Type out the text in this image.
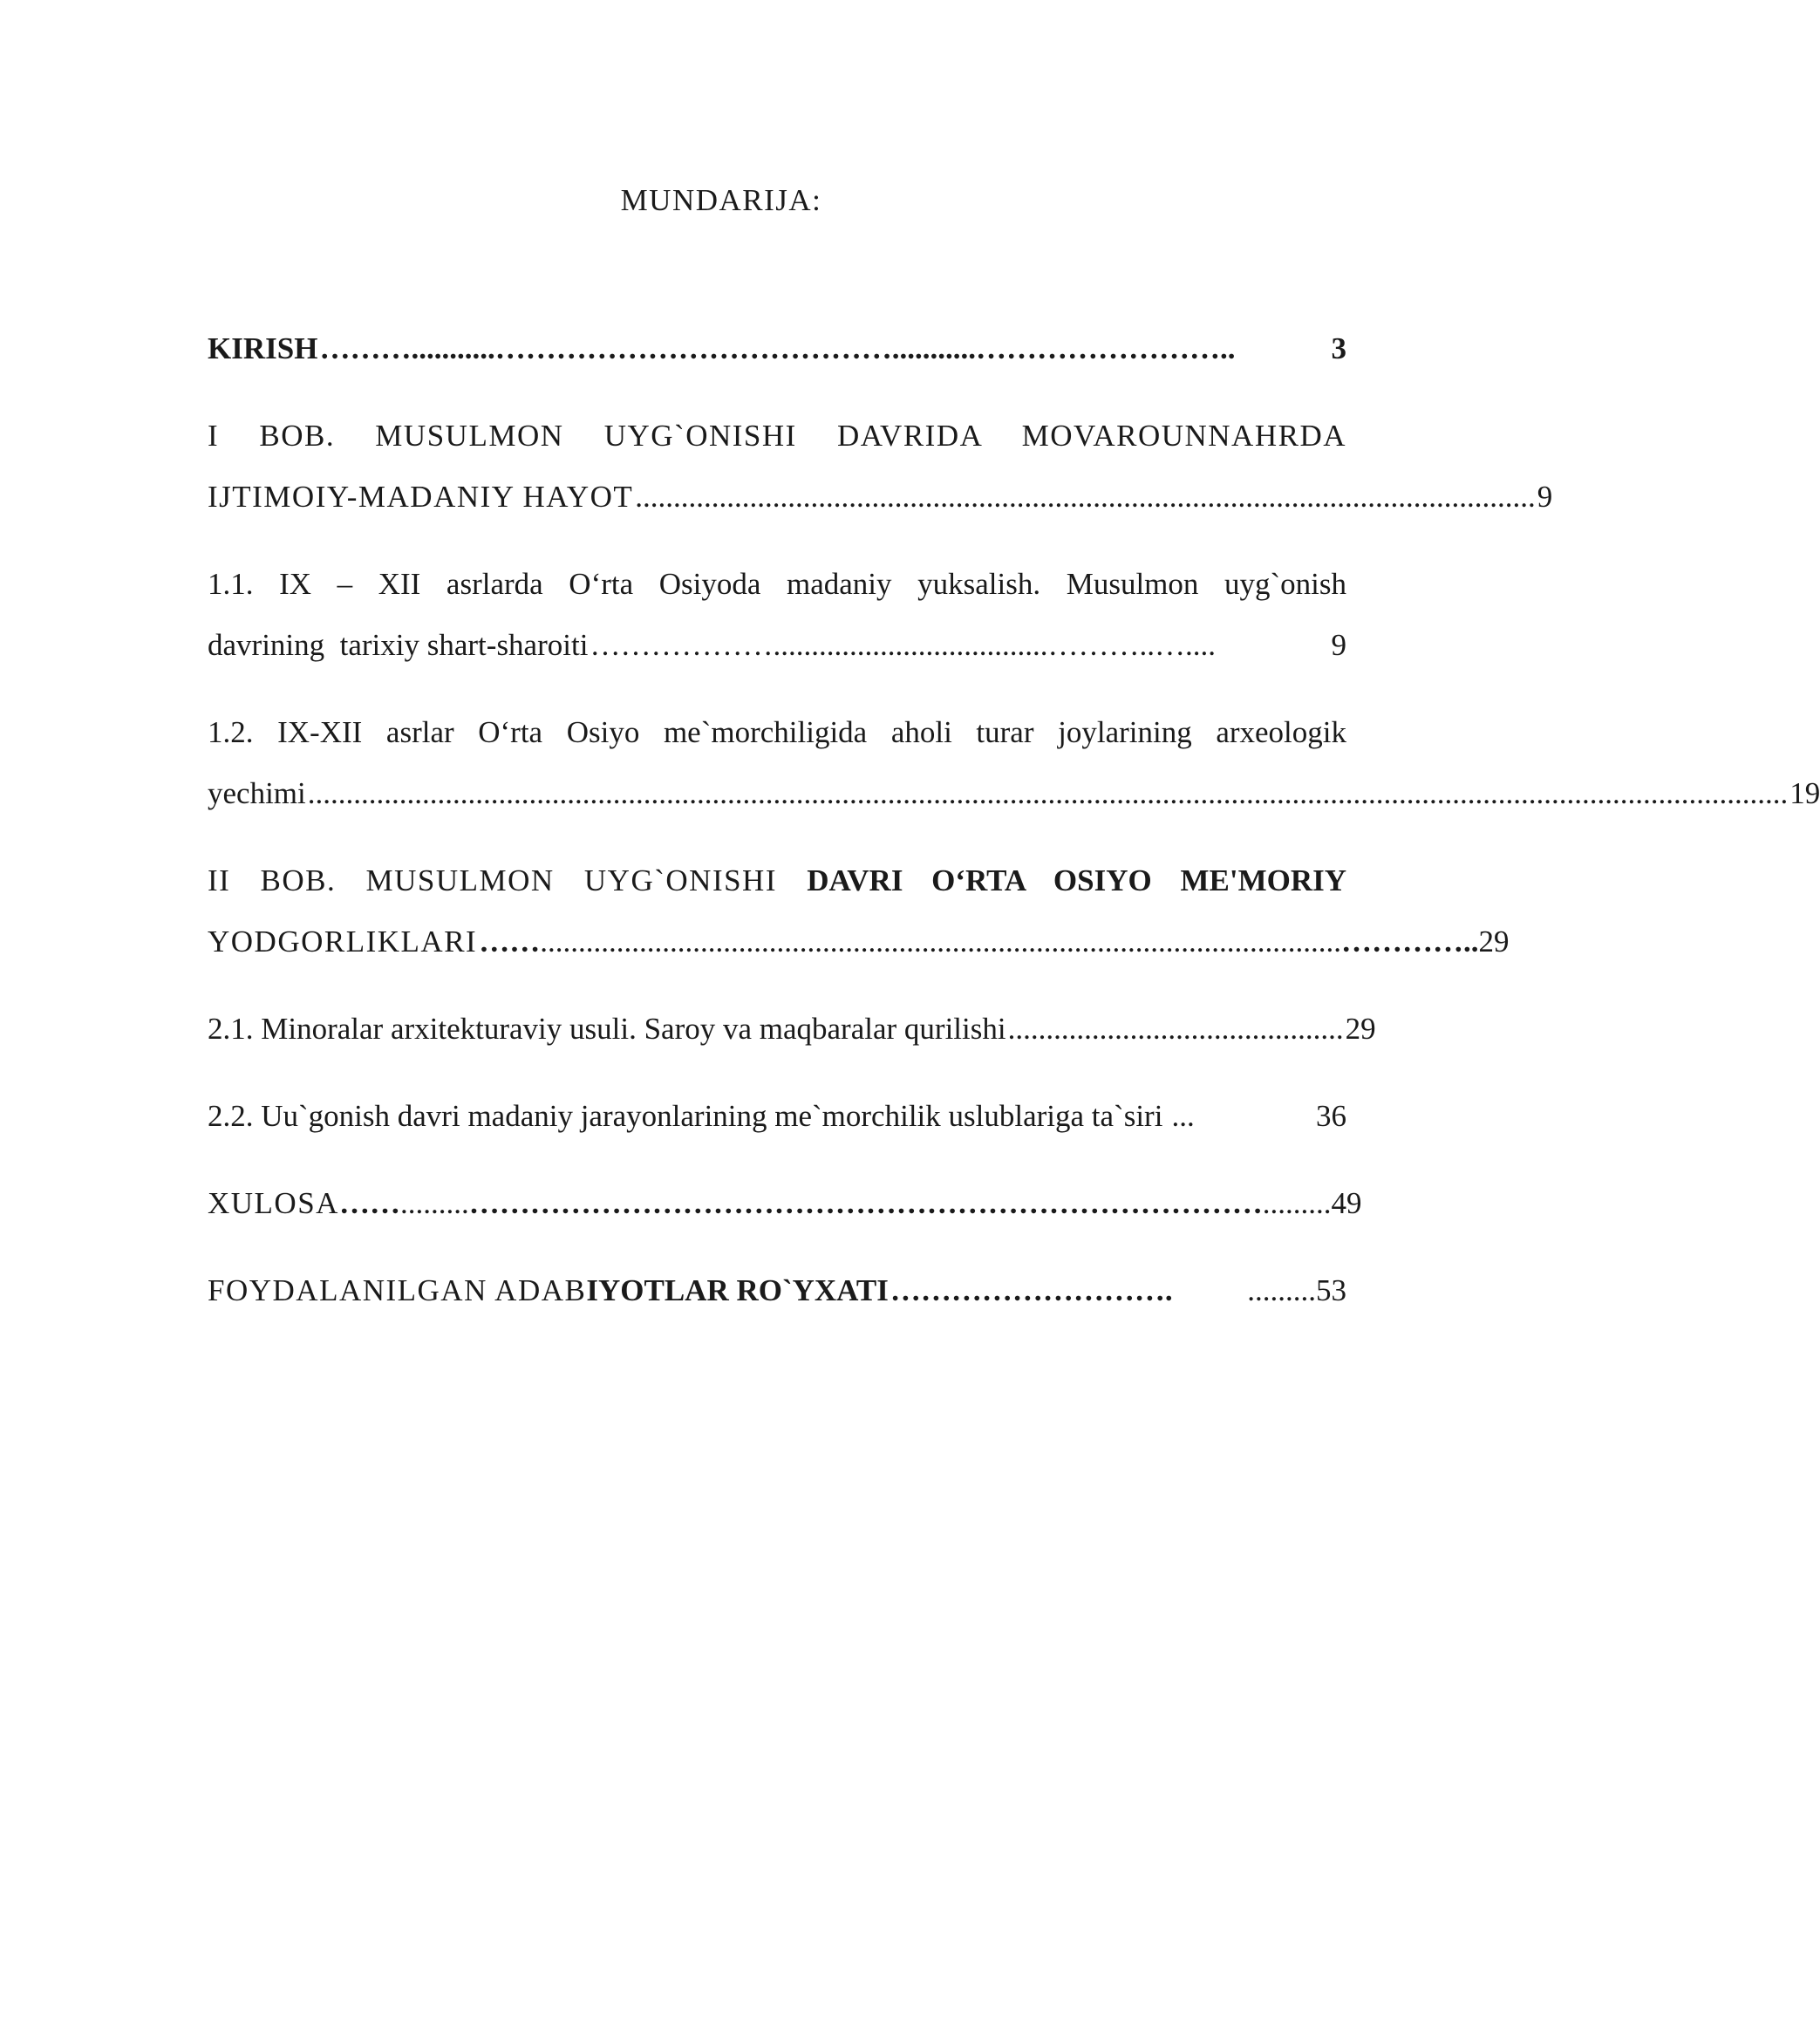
MUNDARIJA:
KIRISH ………...........…………………………………...........……………………..	3
I BOB. MUSULMON UYG`ONISHI DAVRIDA MOVAROUNNAHRDA
IJTIMOIY-MADANIY HAYOT ...................................................................................................................... 9
1.1. IX – XII asrlarda O‘rta Osiyoda madaniy yuksalish. Musulmon uyg`onish
davrining  tarixiy shart-sharoiti ………………....................................………..…....	9
1.2. IX-XII asrlar O‘rta Osiyo me`morchiligida aholi turar joylarining arxeologik
yechimi .................................................................................................................................................................................................. 19
II BOB. MUSULMON UYG`ONISHI DAVRI O‘RTA OSIYO ME'MORIY
YODGORLIKLARI …… ......................................................................................................... ………….. 29
2.1. Minoralar arxitekturaviy usuli. Saroy va maqbaralar qurilishi ............................................ 29
2.2. Uu`gonish davri madaniy jarayonlarining me`morchilik uslublariga ta`siri ...	36
XULOSA …… ......... …………………………………………………………………… ......... 49
FOYDALANILGAN ADAB IYOTLAR RO`YXATI ……………………….	......... 53
